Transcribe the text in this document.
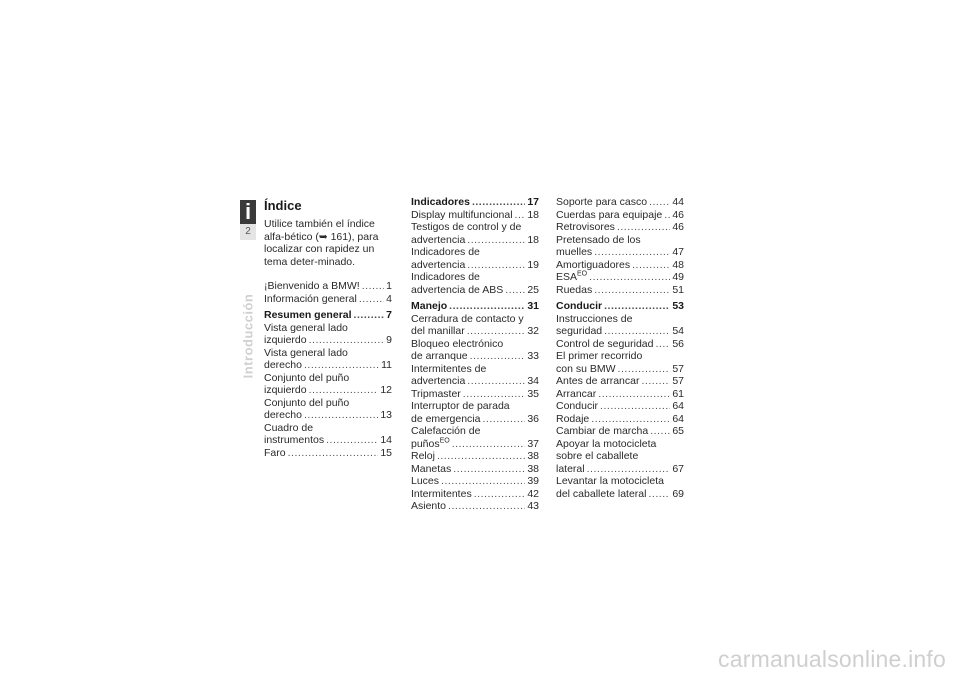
i
2
Introducción
Índice
Utilice también el índice alfa-bético (➥ 161), para localizar con rapidez un tema deter-minado.
¡Bienvenido a BMW! . . .	1
Información general . . .	4
Resumen general . . .	7
Vista general lado
izquierdo . . .	9
Vista general lado
derecho . . .	11
Conjunto del puño
izquierdo . . .	12
Conjunto del puño
derecho . . .	13
Cuadro de
instrumentos . . .	14
Faro . . .	15
Indicadores . . .	17
Display multifuncional . . . 18
Testigos de control y de
advertencia . . .	18
Indicadores de
advertencia . . .	19
Indicadores de
advertencia de ABS . . . 25
Manejo . . .	31
Cerradura de contacto y
del manillar . . .	32
Bloqueo electrónico
de arranque . . .	33
Intermitentes de
advertencia . . .	34
Tripmaster . . .	35
Interruptor de parada
de emergencia . . .	36
Calefacción de
puños$^{EO}$ . . .	37
Reloj . . .	38
Manetas . . .	38
Luces . . .	39
Intermitentes . . .	42
Asiento . . .	43
Soporte para casco . . . 44
Cuerdas para equipaje . . . 46
Retrovisores . . .	46
Pretensado de los
muelles . . .	47
Amortiguadores . . .	48
$ESA^{EO}$ . . .	49
Ruedas . . .	51
Conducir . . .	53
Instrucciones de
seguridad . . .	54
Control de seguridad . . . 56
El primer recorrido
con su BMW . . .	57
Antes de arrancar . . .	57
Arrancar . . .	61
Conducir . . .	64
Rodaje . . .	64
Cambiar de marcha . . . 65
Apoyar la motocicleta
sobre el caballete
lateral . . .	67
Levantar la motocicleta
del caballete lateral . . . 69
carmanualsonline.info
